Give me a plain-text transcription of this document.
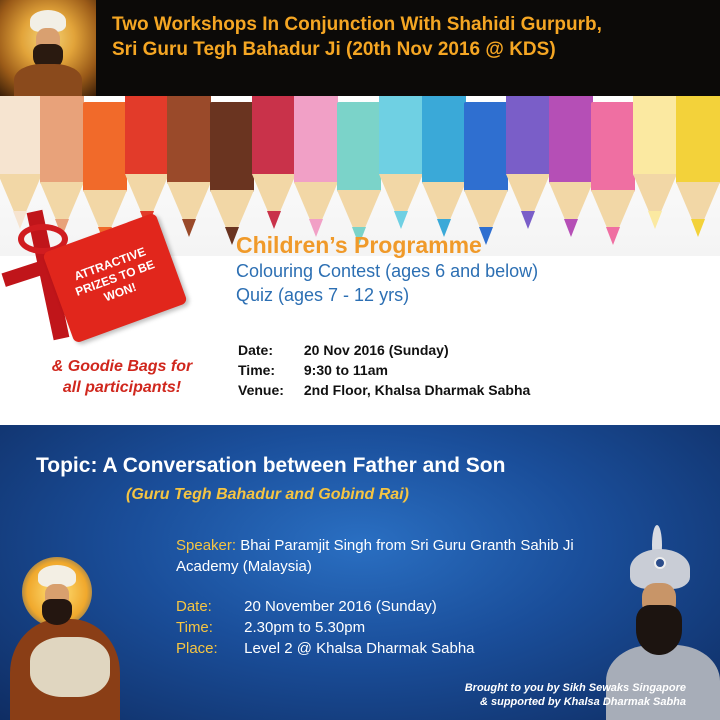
Two Workshops In Conjunction With Shahidi Gurpurb,
Sri Guru Tegh Bahadur Ji (20th Nov 2016 @ KDS)
ATTRACTIVE PRIZES TO BE WON!
& Goodie Bags for
all participants!
Children’s Programme
Colouring Contest (ages 6 and below)
Quiz (ages 7 - 12 yrs)
Date: 20 Nov 2016 (Sunday)
Time: 9:30 to 11am
Venue: 2nd Floor, Khalsa Dharmak Sabha
Topic: A Conversation between Father and Son
(Guru Tegh Bahadur and Gobind Rai)
Speaker: Bhai Paramjit Singh from Sri Guru Granth Sahib Ji Academy (Malaysia)
Date: 20 November 2016 (Sunday)
Time: 2.30pm to 5.30pm
Place: Level 2 @ Khalsa Dharmak Sabha
Brought to you by Sikh Sewaks Singapore
& supported by Khalsa Dharmak Sabha
